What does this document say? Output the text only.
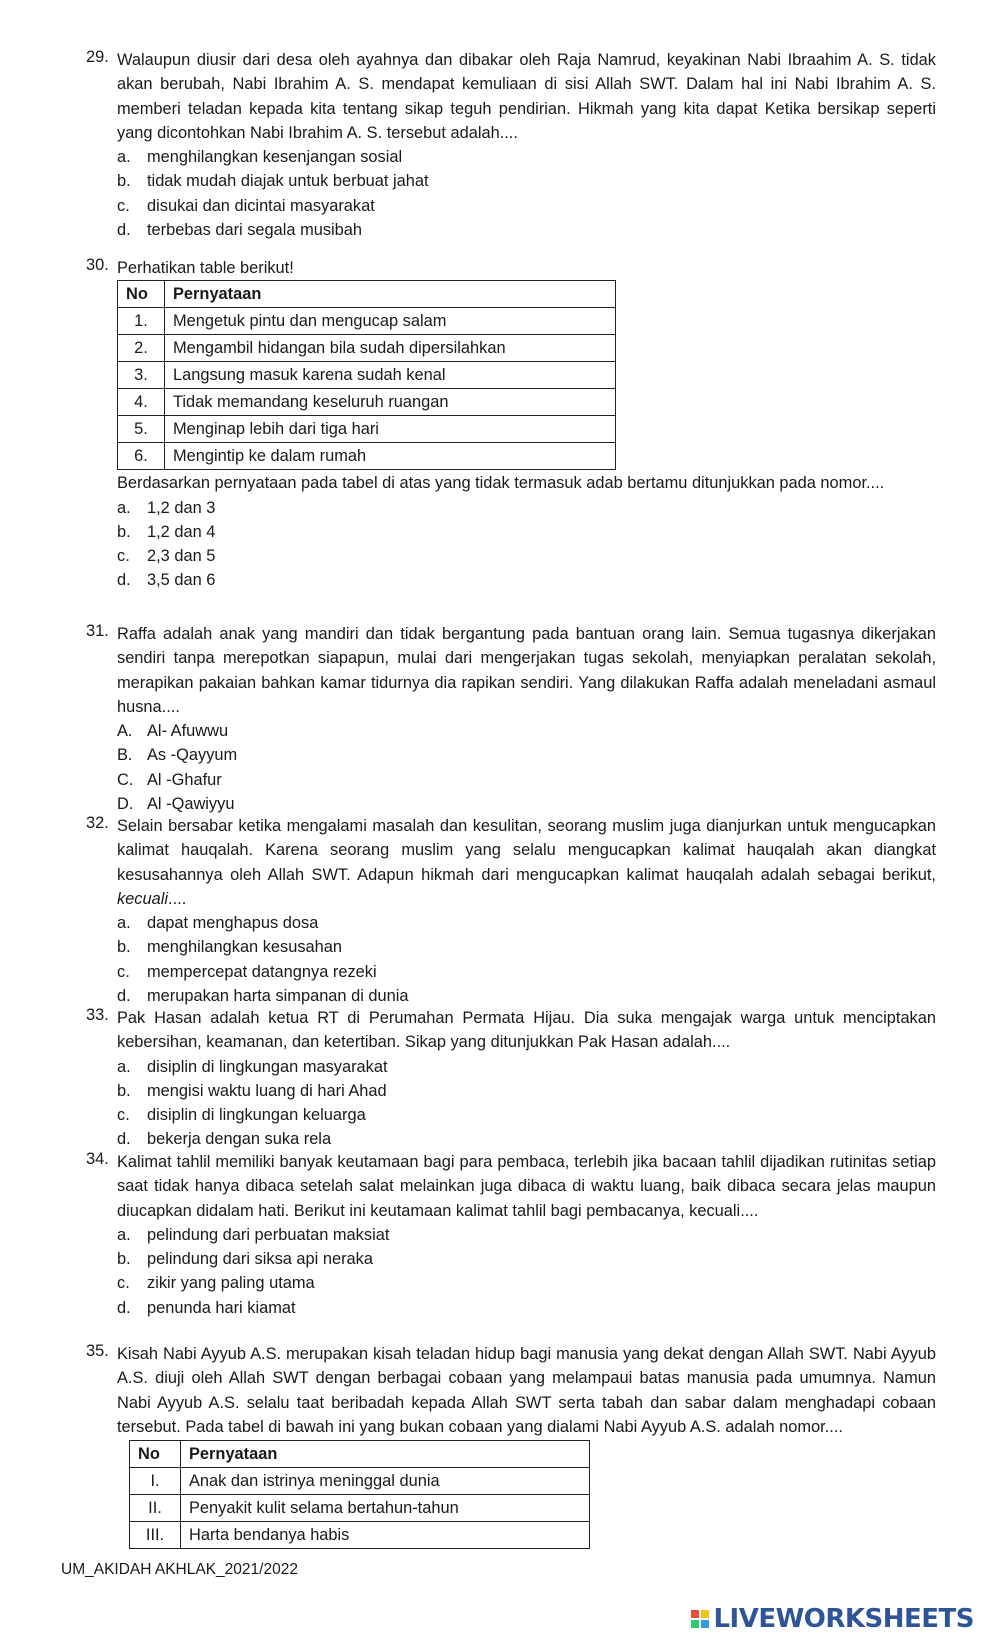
29. Walaupun diusir dari desa oleh ayahnya dan dibakar oleh Raja Namrud, keyakinan Nabi Ibraahim A. S. tidak akan berubah, Nabi Ibrahim A. S. mendapat kemuliaan di sisi Allah SWT. Dalam hal ini Nabi Ibrahim A. S. memberi teladan kepada kita tentang sikap teguh pendirian. Hikmah yang kita dapat Ketika bersikap seperti yang dicontohkan Nabi Ibrahim A. S. tersebut adalah....
a. menghilangkan kesenjangan sosial
b. tidak mudah diajak untuk berbuat jahat
c. disukai dan dicintai masyarakat
d. terbebas dari segala musibah
30. Perhatikan table berikut!
No	Pernyataan
1.	Mengetuk pintu dan mengucap salam
2.	Mengambil hidangan bila sudah dipersilahkan
3.	Langsung masuk karena sudah kenal
4.	Tidak memandang keseluruh ruangan
5.	Menginap lebih dari tiga hari
6.	Mengintip ke dalam rumah
Berdasarkan pernyataan pada tabel di atas yang tidak termasuk adab bertamu ditunjukkan pada nomor....
a. 1,2 dan 3
b. 1,2 dan 4
c. 2,3 dan 5
d. 3,5 dan 6
31. Raffa adalah anak yang mandiri dan tidak bergantung pada bantuan orang lain. Semua tugasnya dikerjakan sendiri tanpa merepotkan siapapun, mulai dari mengerjakan tugas sekolah, menyiapkan peralatan sekolah, merapikan pakaian bahkan kamar tidurnya dia rapikan sendiri. Yang dilakukan Raffa adalah meneladani asmaul husna....
A. Al- Afuwwu
B. As -Qayyum
C. Al -Ghafur
D. Al -Qawiyyu
32. Selain bersabar ketika mengalami masalah dan kesulitan, seorang muslim juga dianjurkan untuk mengucapkan kalimat hauqalah. Karena seorang muslim yang selalu mengucapkan kalimat hauqalah akan diangkat kesusahannya oleh Allah SWT. Adapun hikmah dari mengucapkan kalimat hauqalah adalah sebagai berikut, kecuali....
a. dapat menghapus dosa
b. menghilangkan kesusahan
c. mempercepat datangnya rezeki
d. merupakan harta simpanan di dunia
33. Pak Hasan adalah ketua RT di Perumahan Permata Hijau. Dia suka mengajak warga untuk menciptakan kebersihan, keamanan, dan ketertiban. Sikap yang ditunjukkan Pak Hasan adalah....
a. disiplin di lingkungan masyarakat
b. mengisi waktu luang di hari Ahad
c. disiplin di lingkungan keluarga
d. bekerja dengan suka rela
34. Kalimat tahlil memiliki banyak keutamaan bagi para pembaca, terlebih jika bacaan tahlil dijadikan rutinitas setiap saat tidak hanya dibaca setelah salat melainkan juga dibaca di waktu luang, baik dibaca secara jelas maupun diucapkan didalam hati. Berikut ini keutamaan kalimat tahlil bagi pembacanya, kecuali....
a. pelindung dari perbuatan maksiat
b. pelindung dari siksa api neraka
c. zikir yang paling utama
d. penunda hari kiamat
35. Kisah Nabi Ayyub A.S. merupakan kisah teladan hidup bagi manusia yang dekat dengan Allah SWT. Nabi Ayyub A.S. diuji oleh Allah SWT dengan berbagai cobaan yang melampaui batas manusia pada umumnya. Namun Nabi Ayyub A.S. selalu taat beribadah kepada Allah SWT serta tabah dan sabar dalam menghadapi cobaan tersebut. Pada tabel di bawah ini yang bukan cobaan yang dialami Nabi Ayyub A.S. adalah nomor....
No	Pernyataan
I.	Anak dan istrinya meninggal dunia
II.	Penyakit kulit selama bertahun-tahun
III.	Harta bendanya habis
UM_AKIDAH AKHLAK_2021/2022
LIVEWORKSHEETS
